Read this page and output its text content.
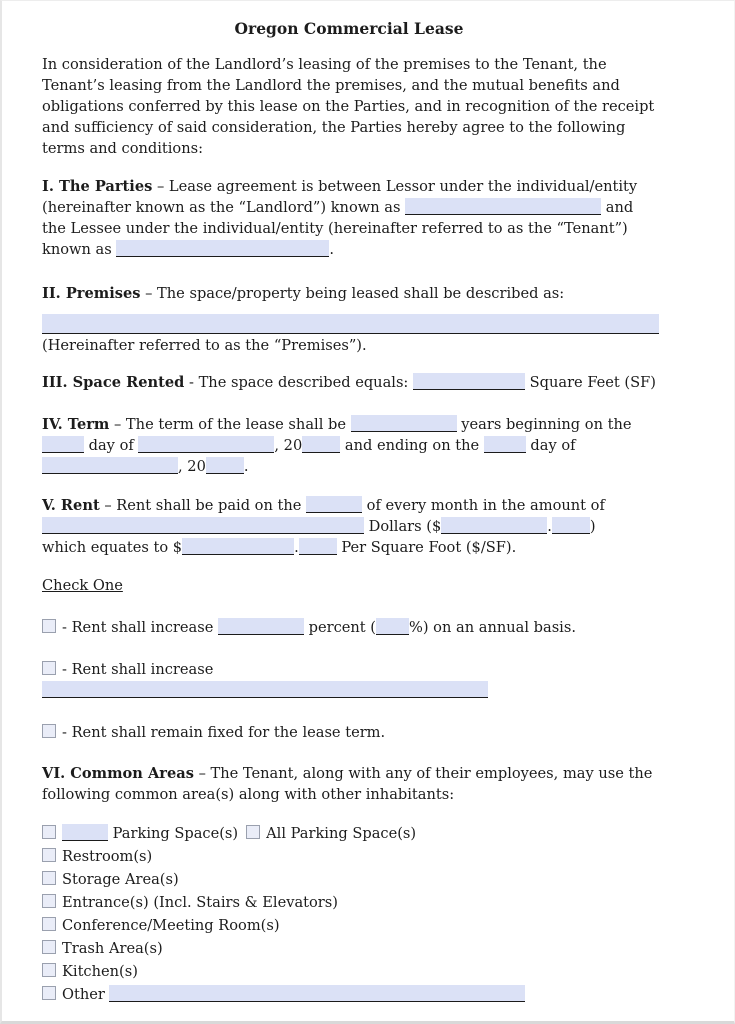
Oregon Commercial Lease

In consideration of the Landlord’s leasing of the premises to the Tenant, the Tenant’s leasing from the Landlord the premises, and the mutual benefits and obligations conferred by this lease on the Parties, and in recognition of the receipt and sufficiency of said consideration, the Parties hereby agree to the following terms and conditions:

I. The Parties – Lease agreement is between Lessor under the individual/entity (hereinafter known as the “Landlord”) known as	and the Lessee under the individual/entity (hereinafter referred to as the “Tenant”) known as	.

II. Premises – The space/property being leased shall be described as:

(Hereinafter referred to as the “Premises”).

III. Space Rented - The space described equals:	Square Feet (SF)

IV. Term – The term of the lease shall be	years beginning on the
day of	, 20	and ending on the	day of
, 20	.

V. Rent – Rent shall be paid on the	of every month in the amount of
Dollars ($	.	)
which equates to $	.	Per Square Foot ($/SF).

Check One

- Rent shall increase	percent ( %) on an annual basis.
- Rent shall increase
- Rent shall remain fixed for the lease term.

VI. Common Areas – The Tenant, along with any of their employees, may use the following common area(s) along with other inhabitants:

Parking Space(s) All Parking Space(s)
Restroom(s)
Storage Area(s)
Entrance(s) (Incl. Stairs & Elevators)
Conference/Meeting Room(s)
Trash Area(s)
Kitchen(s)
Other
